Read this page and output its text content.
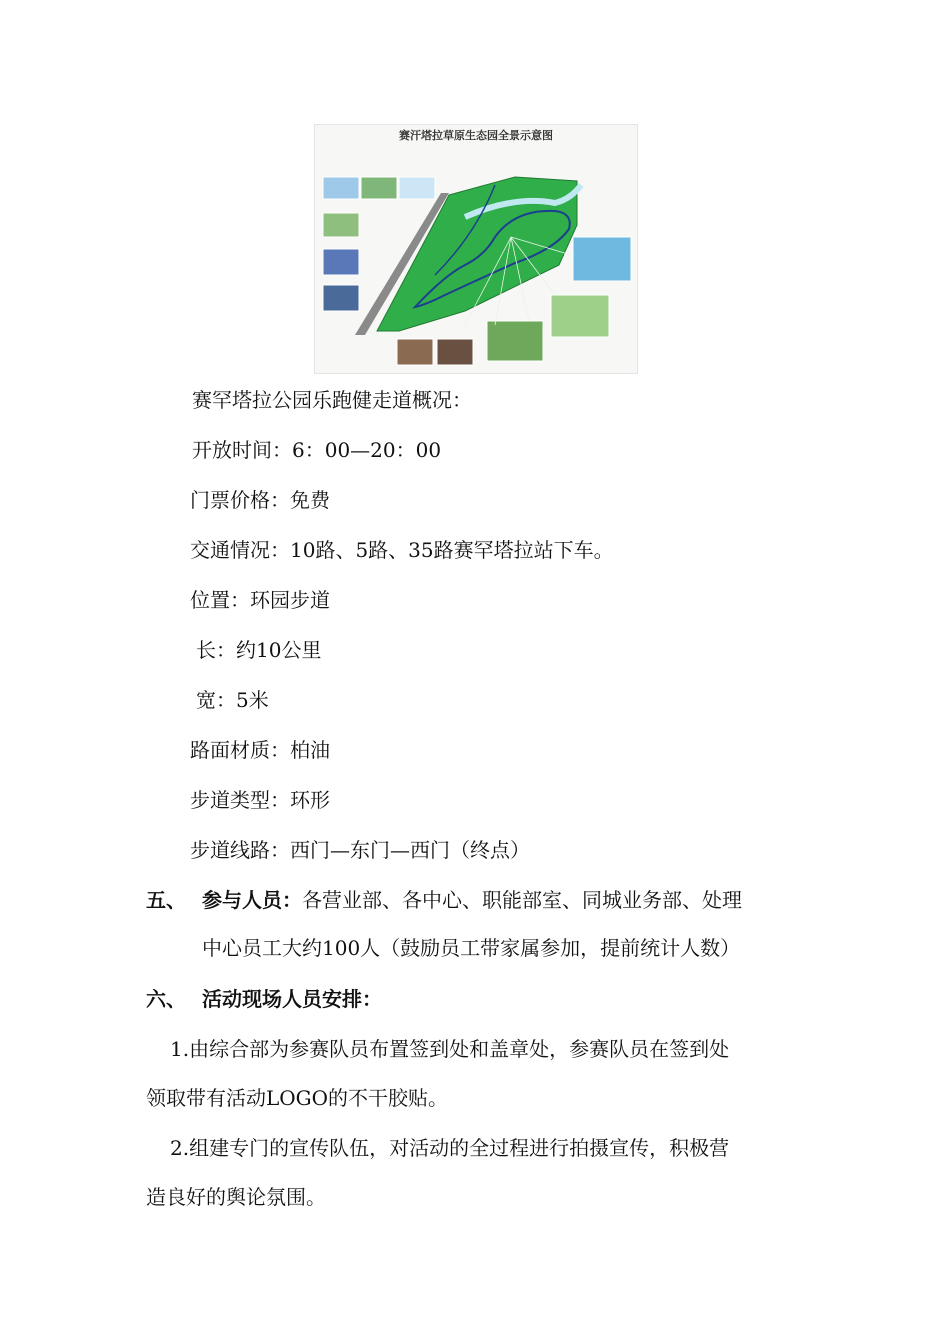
赛汗塔拉草原生态园全景示意图
赛罕塔拉公园乐跑健走道概况：
开放时间：6：00—20：00
门票价格：免费
交通情况：10路、5路、35路赛罕塔拉站下车。
位置：环园步道
长：约10公里
宽：5米
路面材质：柏油
步道类型：环形
步道线路：西门—东门—西门（终点）
五、 参与人员：各营业部、各中心、职能部室、同城业务部、处理
中心员工大约100人（鼓励员工带家属参加，提前统计人数）
六、 活动现场人员安排：
1.由综合部为参赛队员布置签到处和盖章处，参赛队员在签到处
领取带有活动LOGO的不干胶贴。
2.组建专门的宣传队伍，对活动的全过程进行拍摄宣传，积极营
造良好的舆论氛围。
